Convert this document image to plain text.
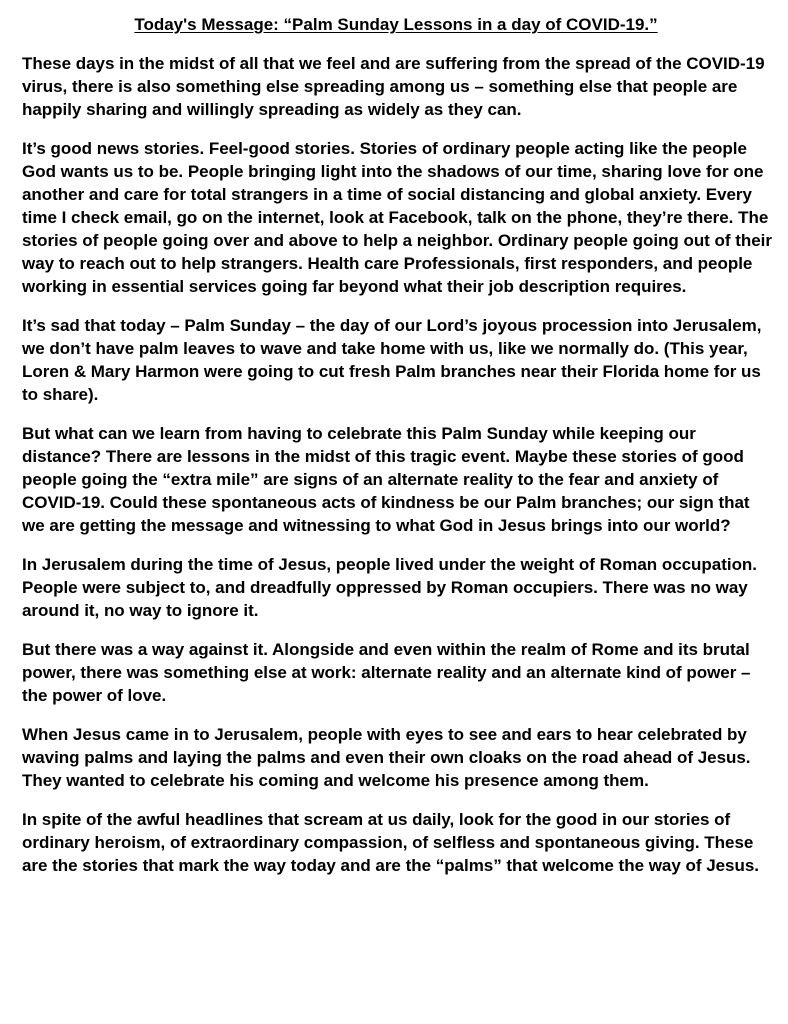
Today's Message: “Palm Sunday Lessons in a day of COVID-19.”

These days in the midst of all that we feel and are suffering from the spread of the COVID-19 virus, there is also something else spreading among us – something else that people are happily sharing and willingly spreading as widely as they can.

It’s good news stories. Feel-good stories. Stories of ordinary people acting like the people God wants us to be. People bringing light into the shadows of our time, sharing love for one another and care for total strangers in a time of social distancing and global anxiety. Every time I check email, go on the internet, look at Facebook, talk on the phone, they’re there. The stories of people going over and above to help a neighbor. Ordinary people going out of their way to reach out to help strangers. Health care Professionals, first responders, and people working in essential services going far beyond what their job description requires.

It’s sad that today – Palm Sunday – the day of our Lord’s joyous procession into Jerusalem, we don’t have palm leaves to wave and take home with us, like we normally do. (This year, Loren & Mary Harmon were going to cut fresh Palm branches near their Florida home for us to share).

But what can we learn from having to celebrate this Palm Sunday while keeping our distance? There are lessons in the midst of this tragic event. Maybe these stories of good people going the “extra mile” are signs of an alternate reality to the fear and anxiety of COVID-19. Could these spontaneous acts of kindness be our Palm branches; our sign that we are getting the message and witnessing to what God in Jesus brings into our world?

In Jerusalem during the time of Jesus, people lived under the weight of Roman occupation. People were subject to, and dreadfully oppressed by Roman occupiers. There was no way around it, no way to ignore it.

But there was a way against it. Alongside and even within the realm of Rome and its brutal power, there was something else at work: alternate reality and an alternate kind of power – the power of love.

When Jesus came in to Jerusalem, people with eyes to see and ears to hear celebrated by waving palms and laying the palms and even their own cloaks on the road ahead of Jesus. They wanted to celebrate his coming and welcome his presence among them.

In spite of the awful headlines that scream at us daily, look for the good in our stories of ordinary heroism, of extraordinary compassion, of selfless and spontaneous giving. These are the stories that mark the way today and are the “palms” that welcome the way of Jesus.
